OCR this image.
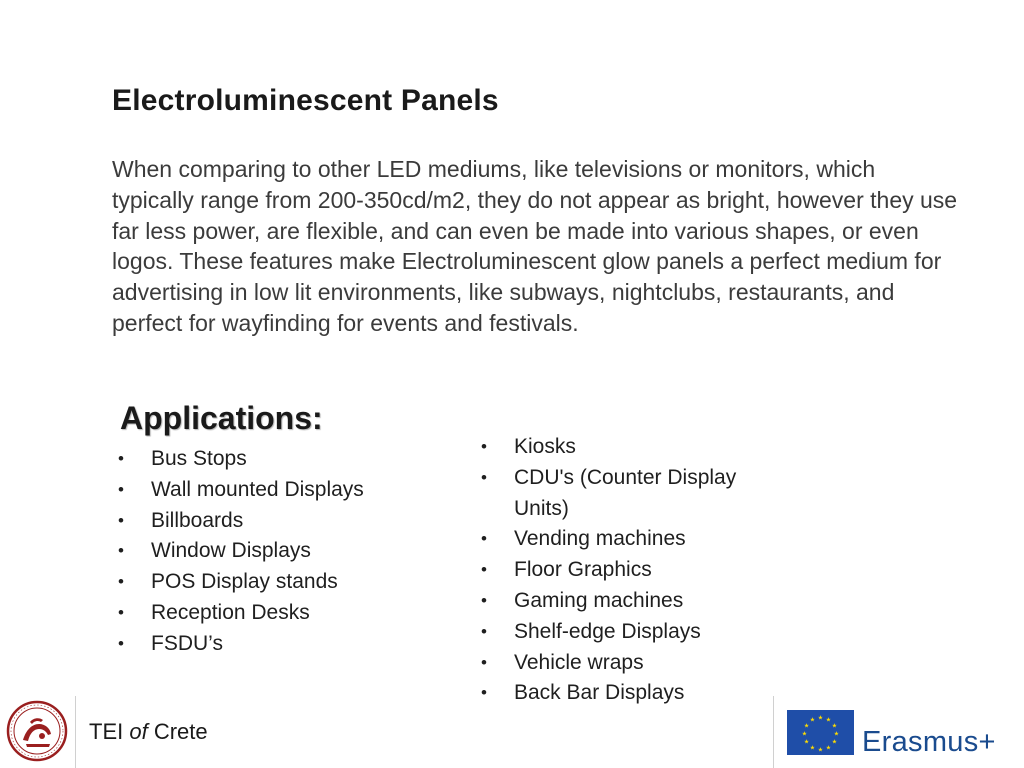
Electroluminescent Panels

When comparing to other LED mediums, like televisions or monitors, which typically range from 200-350cd/m2, they do not appear as bright, however they use far less power, are flexible, and can even be made into various shapes, or even logos. These features make Electroluminescent glow panels a perfect medium for advertising in low lit environments, like subways, nightclubs, restaurants, and perfect for wayfinding for events and festivals.

Applications:
• Bus Stops
• Wall mounted Displays
• Billboards
• Window Displays
• POS Display stands
• Reception Desks
• FSDU’s
• Kiosks
• CDU's (Counter Display Units)
• Vending machines
• Floor Graphics
• Gaming machines
• Shelf-edge Displays
• Vehicle wraps
• Back Bar Displays
TEI of Crete
★ ★
★
★
★
★
★
★
★
★
★
★
Erasmus+
